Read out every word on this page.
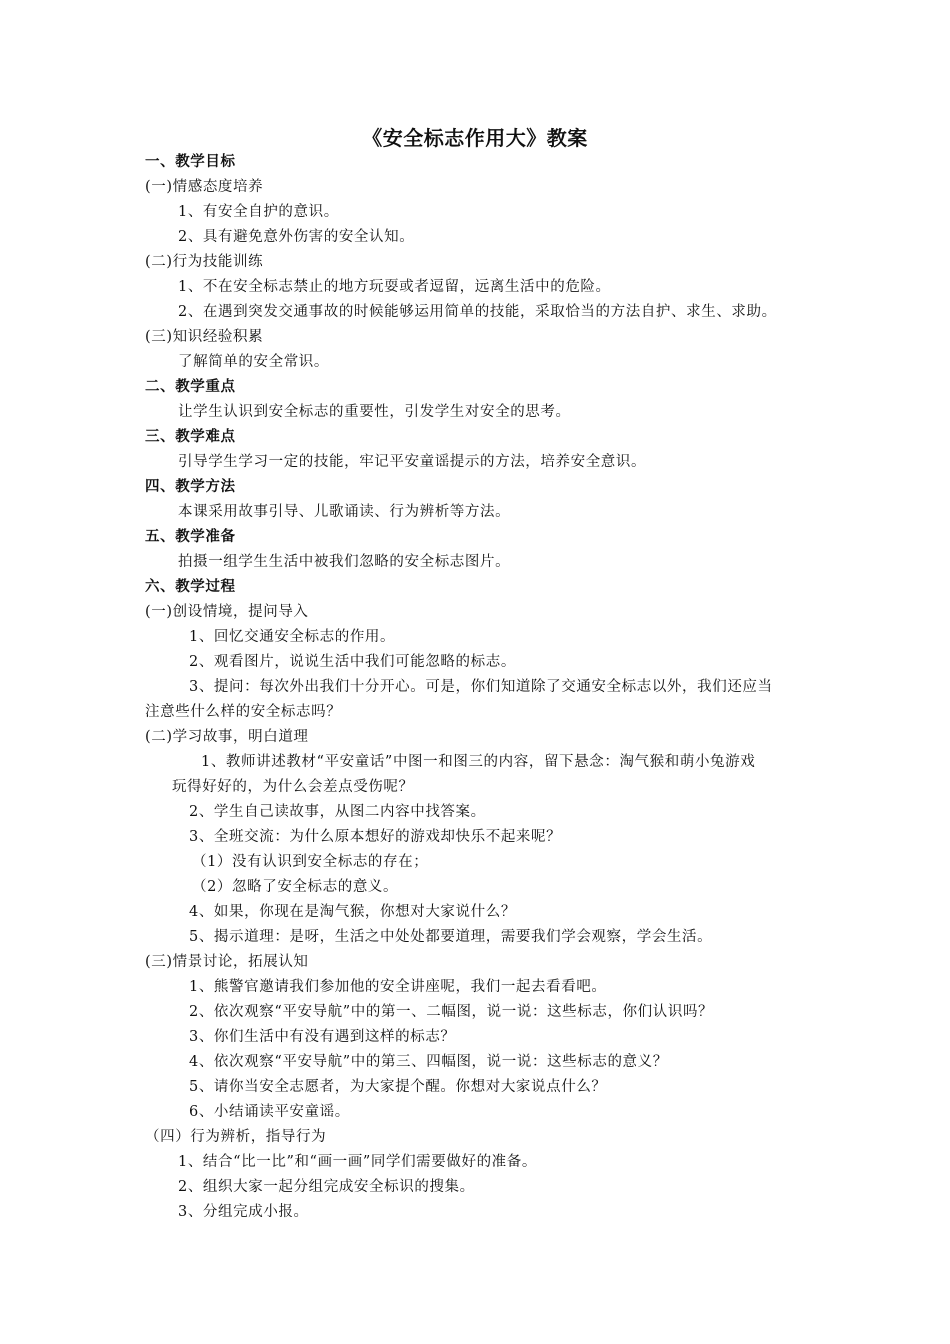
《安全标志作用大》教案
一、教学目标
(一)情感态度培养
1、有安全自护的意识。
2、具有避免意外伤害的安全认知。
(二)行为技能训练
1、不在安全标志禁止的地方玩耍或者逗留，远离生活中的危险。
2、在遇到突发交通事故的时候能够运用简单的技能，采取恰当的方法自护、求生、求助。
(三)知识经验积累
了解简单的安全常识。
二、教学重点
让学生认识到安全标志的重要性，引发学生对安全的思考。
三、教学难点
引导学生学习一定的技能，牢记平安童谣提示的方法，培养安全意识。
四、教学方法
本课采用故事引导、儿歌诵读、行为辨析等方法。
五、教学准备
拍摄一组学生生活中被我们忽略的安全标志图片。
六、教学过程
(一)创设情境，提问导入
1、回忆交通安全标志的作用。
2、观看图片，说说生活中我们可能忽略的标志。
3、提问：每次外出我们十分开心。可是，你们知道除了交通安全标志以外，我们还应当
注意些什么样的安全标志吗？
(二)学习故事，明白道理
1、教师讲述教材“平安童话”中图一和图三的内容，留下悬念：淘气猴和萌小兔游戏
玩得好好的，为什么会差点受伤呢？
2、学生自己读故事，从图二内容中找答案。
3、全班交流：为什么原本想好的游戏却快乐不起来呢？
（1）没有认识到安全标志的存在；
（2）忽略了安全标志的意义。
4、如果，你现在是淘气猴，你想对大家说什么？
5、揭示道理：是呀，生活之中处处都要道理，需要我们学会观察，学会生活。
(三)情景讨论，拓展认知
1、熊警官邀请我们参加他的安全讲座呢，我们一起去看看吧。
2、依次观察“平安导航”中的第一、二幅图，说一说：这些标志，你们认识吗？
3、你们生活中有没有遇到这样的标志？
4、依次观察“平安导航”中的第三、四幅图，说一说：这些标志的意义？
5、请你当安全志愿者，为大家提个醒。你想对大家说点什么？
6、小结诵读平安童谣。
（四）行为辨析，指导行为
1、结合“比一比”和“画一画”同学们需要做好的准备。
2、组织大家一起分组完成安全标识的搜集。
3、分组完成小报。
